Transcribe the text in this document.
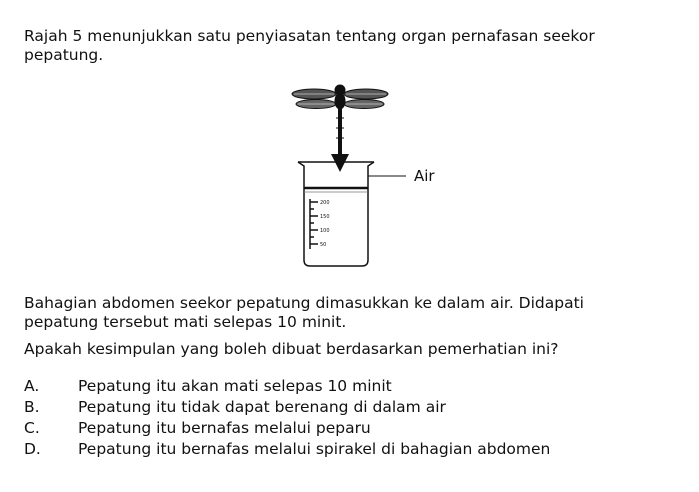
Rajah 5 menunjukkan satu penyiasatan tentang organ pernafasan seekor
pepatung.
200
150
100
50
Air
Bahagian abdomen seekor pepatung dimasukkan ke dalam air. Didapati
pepatung tersebut mati selepas 10 minit.
Apakah kesimpulan yang boleh dibuat berdasarkan pemerhatian ini?
A.	Pepatung itu akan mati selepas 10 minit
B.	Pepatung itu tidak dapat berenang di dalam air
C.	Pepatung itu bernafas melalui peparu
D.	Pepatung itu bernafas melalui spirakel di bahagian abdomen
